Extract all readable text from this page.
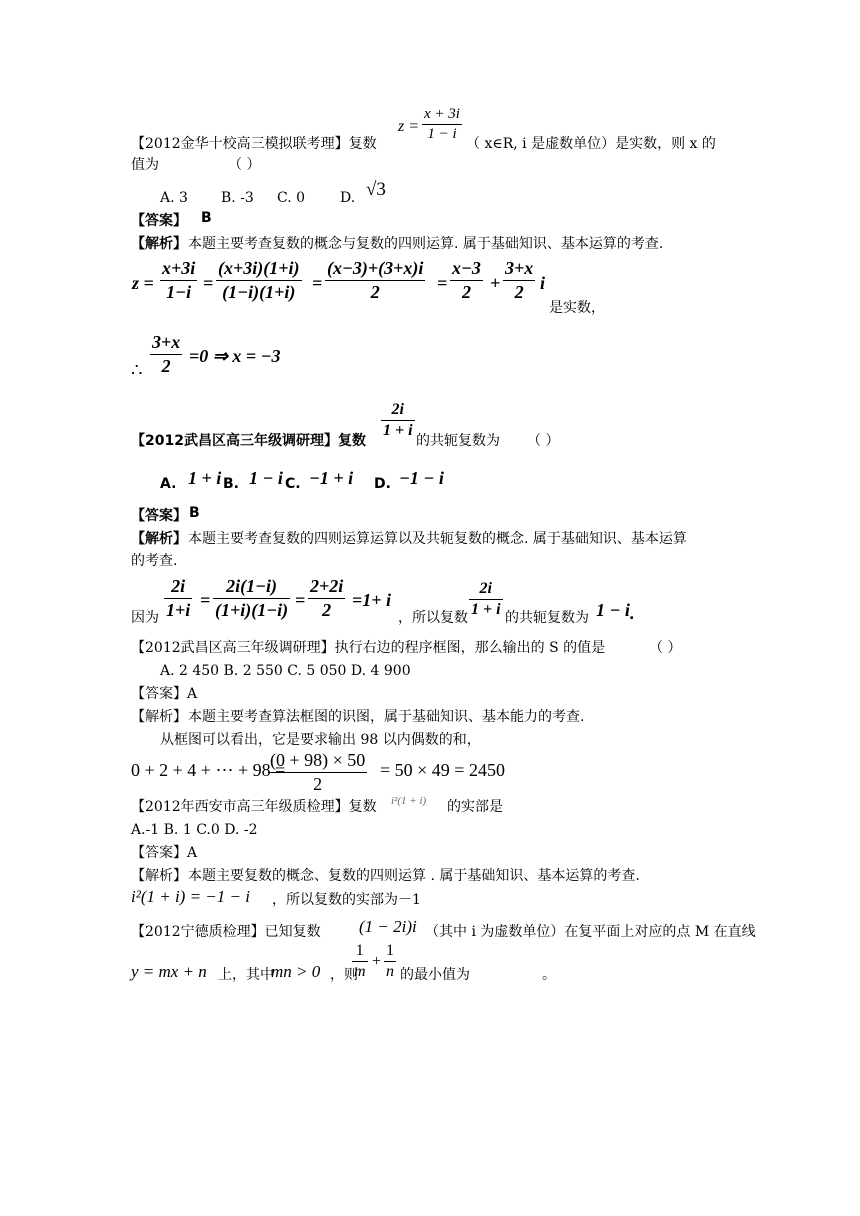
【2012金华十校高三模拟联考理】复数
$z = \frac{x + 3i}{1 - i}$
（ x∈R, i 是虚数单位）是实数，则 x 的
值为	（ ）
A. 3 B. -3 C. 0 D. √3
【答案】 B
【解析】 本题主要考查复数的概念与复数的四则运算. 属于基础知识、基本运算的考查.
$z = \frac{x+3i}{1-i} = \frac{(x+3i)(1+i)}{(1-i)(1+i)} = \frac{(x-3)+(3+x)i}{2} = \frac{x-3}{2} + \frac{3+x}{2}$ i
是实数，
$\frac{3+x}{2} =0$ ⇒ x = −3
∴
【2012武昌区高三年级调研理】复数
$\frac{2i}{1 + i}$
的共轭复数为 （ ）
A. 1 + i B. 1 − i C. −1 + i D. −1 − i
【答案】 B
【解析】 本题主要考查复数的四则运算运算以及共轭复数的概念. 属于基础知识、基本运算
的考查.
因为 $\frac{2i}{1+i} = \frac{2i(1-i)}{(1+i)(1-i)} = \frac{2+2i}{2} =1+ i$
，所以复数 $\frac{2i}{1 + i}$ 的共轭复数为 1 − i .
【2012武昌区高三年级调研理】执行右边的程序框图，那么输出的 S 的值是	（ ）
A. 2 450 B. 2 550 C. 5 050 D. 4 900
【答案】 A
【解析】 本题主要考查算法框图的识图，属于基础知识、基本能力的考查.
从框图可以看出，它是要求输出 98 以内偶数的和，
0 + 2 + 4 + ⋯ + 98 =
$\frac{(0 + 98) \times 50}{2} = 50 \times 49 = 2450$
【2012年西安市高三年级质检理】复数 i²(1 + i) 的实部是
A.-1 B. 1 C.0 D. -2
【答案】 A
【解析】 本题主要复数的概念、复数的四则运算 . 属于基础知识、基本运算的考查.
i²(1 + i) = −1 − i ，所以复数的实部为－1
【2012宁德质检理】已知复数 (1 − 2i)i （其中 i 为虚数单位）在复平面上对应的点 M 在直线
y = mx + n 上，其中
mn > 0 ，则
$\frac{1}{m} + \frac{1}{n}$ 的最小值为	。
